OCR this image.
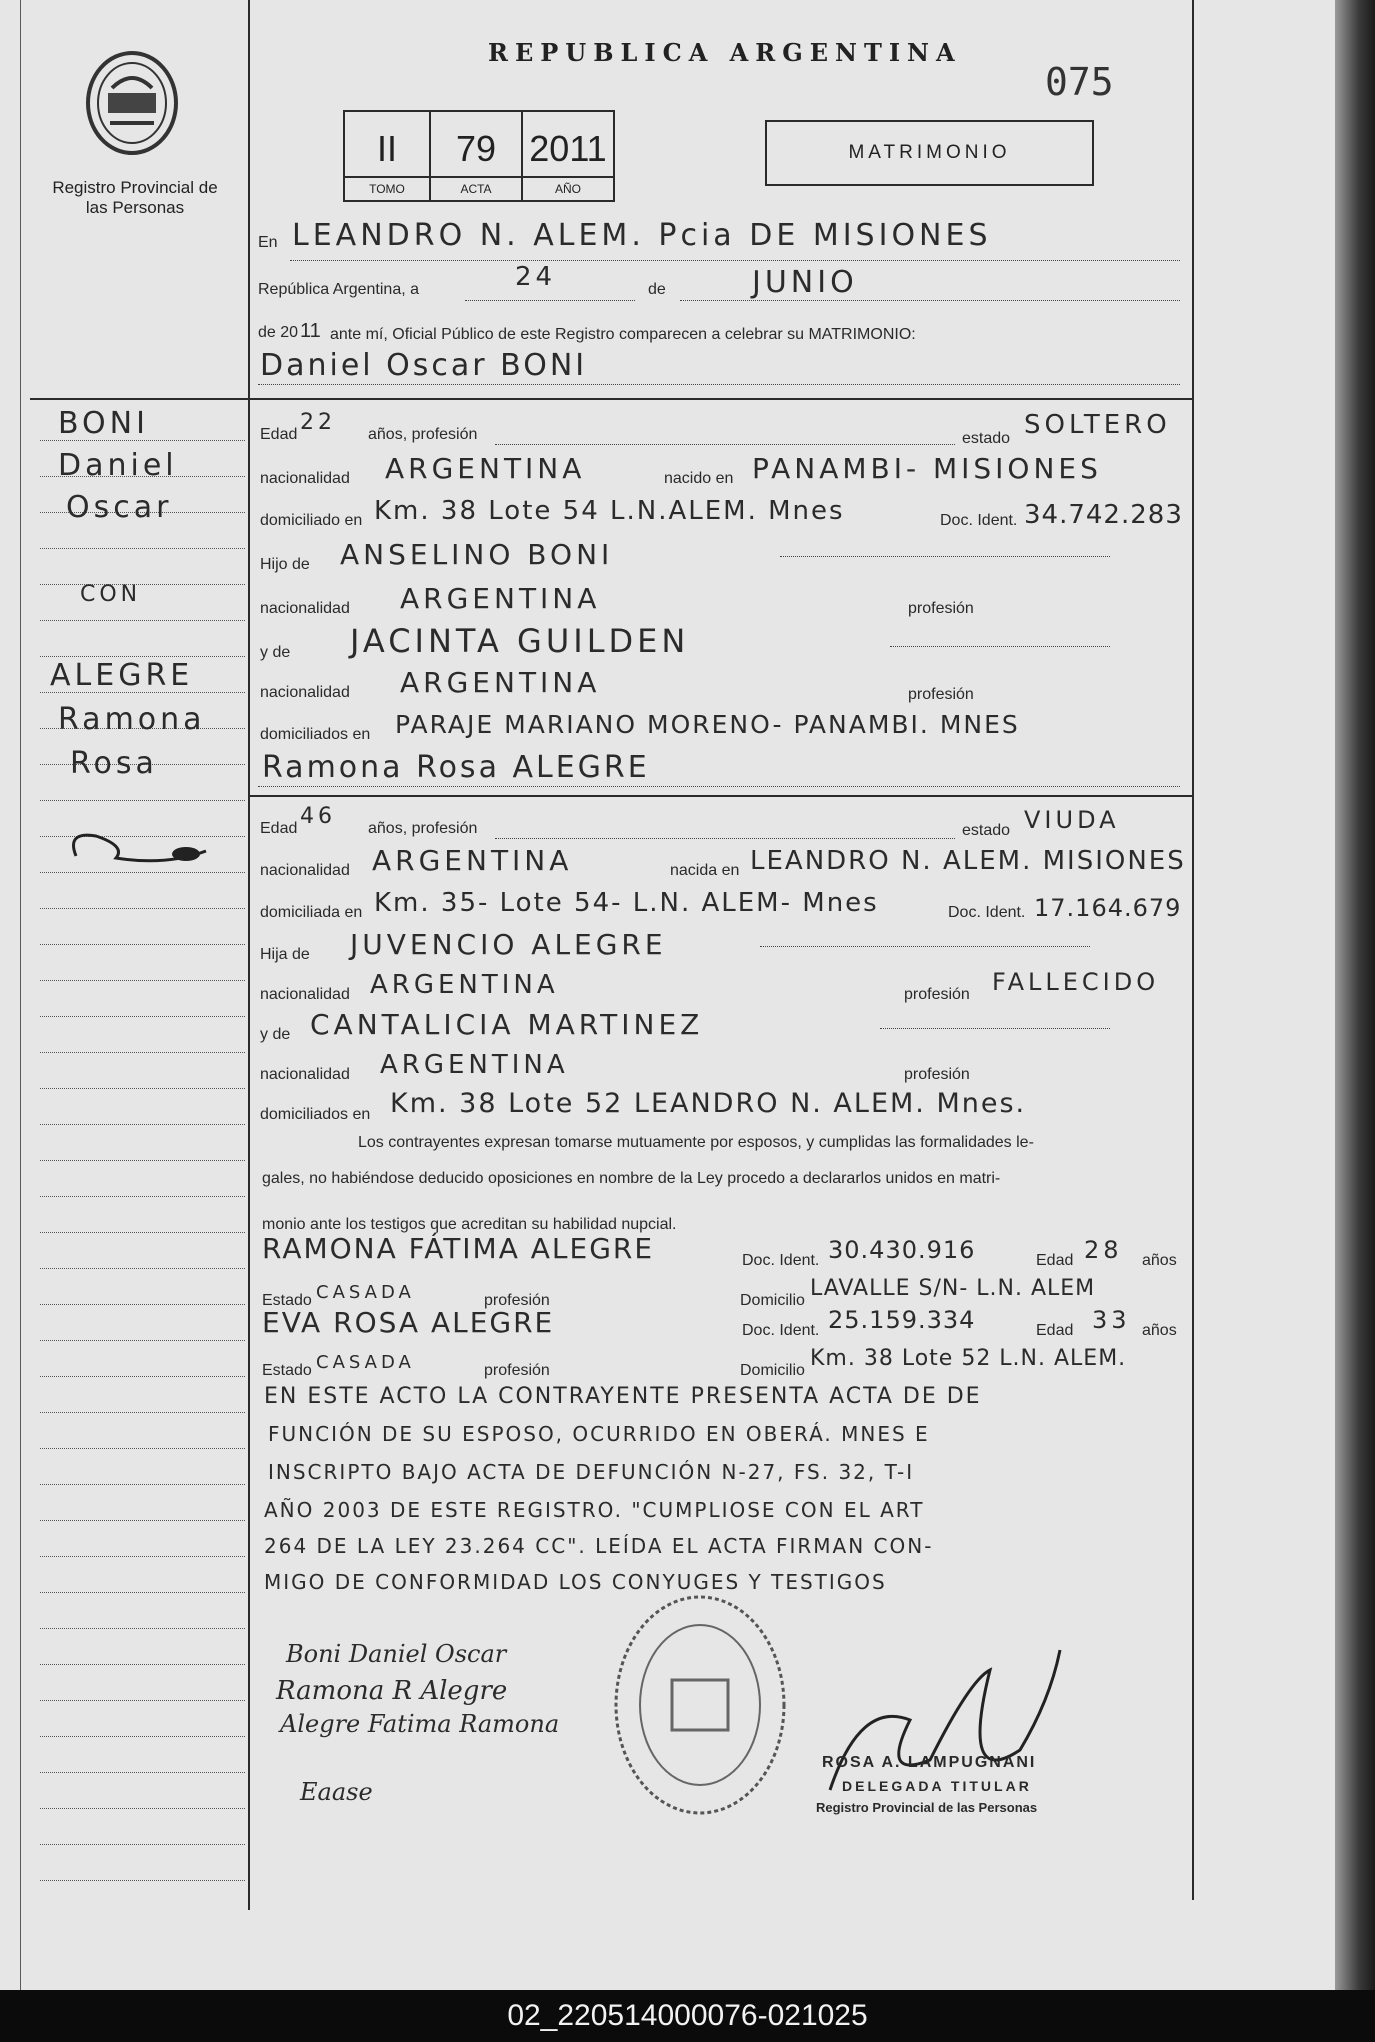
Registro Provincial de las Personas
REPUBLICA ARGENTINA
075
II
TOMO
79
ACTA
2011
AÑO
MATRIMONIO
En LEANDRO N. ALEM. Pcia DE MISIONES
República Argentina, a	24	de	JUNIO
de 20 11 ante mí, Oficial Público de este Registro comparecen a celebrar su MATRIMONIO:
Daniel Oscar BONI
BONI
Daniel
Oscar
CON
ALEGRE
Ramona
Rosa
Edad 22 años, profesión	estado SOLTERO
nacionalidad ARGENTINA	nacido en PANAMBI- MISIONES
domiciliado en Km. 38 Lote 54 L.N.ALEM. Mnes	Doc. Ident. 34.742.283
Hijo de ANSELINO BONI
nacionalidad ARGENTINA	profesión
y de JACINTA GUILDEN
nacionalidad ARGENTINA	profesión
domiciliados en PARAJE MARIANO MORENO- PANAMBI. MNES
Ramona Rosa ALEGRE
Edad 46 años, profesión	estado VIUDA
nacionalidad ARGENTINA	nacida en LEANDRO N. ALEM. MISIONES
domiciliada en Km. 35- Lote 54- L.N. ALEM- Mnes	Doc. Ident. 17.164.679
Hija de JUVENCIO ALEGRE
nacionalidad ARGENTINA	profesión FALLECIDO
y de CANTALICIA MARTINEZ
nacionalidad ARGENTINA	profesión
domiciliados en Km. 38 Lote 52 LEANDRO N. ALEM. Mnes.
Los contrayentes expresan tomarse mutuamente por esposos, y cumplidas las formalidades le-
gales, no habiéndose deducido oposiciones en nombre de la Ley procedo a declararlos unidos en matri-
monio ante los testigos que acreditan su habilidad nupcial.
RAMONA FÁTIMA ALEGRE	Doc. Ident. 30.430.916	Edad 28 años
Estado CASADA	profesión	Domicilio LAVALLE S/N- L.N. ALEM
EVA ROSA ALEGRE	Doc. Ident. 25.159.334	Edad 33 años
Estado CASADA	profesión	Domicilio Km. 38 Lote 52 L.N. ALEM.
EN ESTE ACTO LA CONTRAYENTE PRESENTA ACTA DE DE
FUNCIÓN DE SU ESPOSO, OCURRIDO EN OBERÁ. MNES E
INSCRIPTO BAJO ACTA DE DEFUNCIÓN N-27, FS. 32, T-I
AÑO 2003 DE ESTE REGISTRO. "CUMPLIOSE CON EL ART
264 DE LA LEY 23.264 CC". LEÍDA EL ACTA FIRMAN CON-
MIGO DE CONFORMIDAD LOS CONYUGES Y TESTIGOS
Boni Daniel Oscar
Ramona R Alegre
Alegre Fatima Ramona
Eaase
ROSA A. LAMPUGNANI
DELEGADA TITULAR
Registro Provincial de las Personas
02_220514000076-021025
